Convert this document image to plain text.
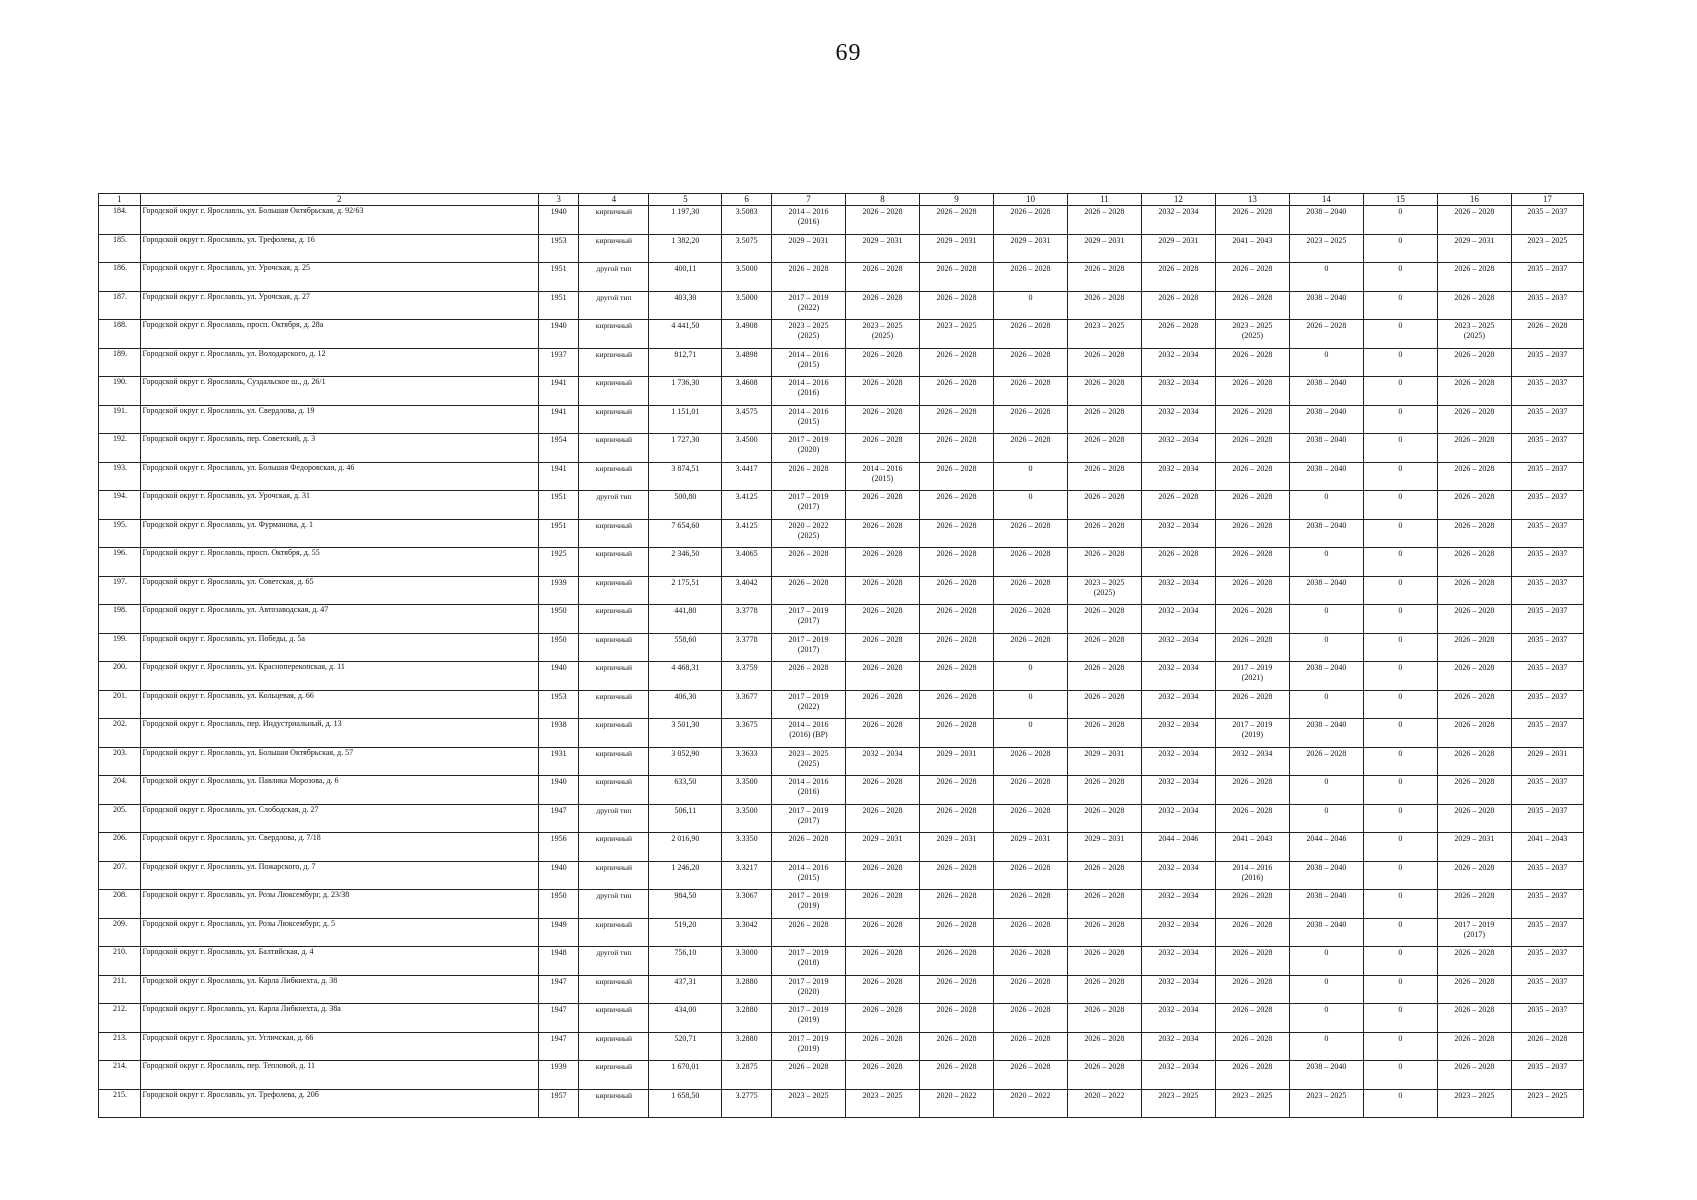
69
1	2	3	4	5	6	7	8	9	10	11	12	13	14	15	16	17
184.	Городской округ г. Ярославль, ул. Большая Октябрьская, д. 92/63	1940	кирпичный	1 197,30	3.5083	2014 – 2016
(2016)	2026 – 2028	2026 – 2028	2026 – 2028	2026 – 2028	2032 – 2034	2026 – 2028	2038 – 2040	0	2026 – 2028	2035 – 2037
185.	Городской округ г. Ярославль, ул. Трефолева, д. 16	1953	кирпичный	1 382,20	3.5075	2029 – 2031	2029 – 2031	2029 – 2031	2029 – 2031	2029 – 2031	2029 – 2031	2041 – 2043	2023 – 2025	0	2029 – 2031	2023 – 2025
186.	Городской округ г. Ярославль, ул. Урочская, д. 25	1951	другой тип	400,11	3.5000	2026 – 2028	2026 – 2028	2026 – 2028	2026 – 2028	2026 – 2028	2026 – 2028	2026 – 2028	0	0	2026 – 2028	2035 – 2037
187.	Городской округ г. Ярославль, ул. Урочская, д. 27	1951	другой тип	403,30	3.5000	2017 – 2019
(2022)	2026 – 2028	2026 – 2028	0	2026 – 2028	2026 – 2028	2026 – 2028	2038 – 2040	0	2026 – 2028	2035 – 2037
188.	Городской округ г. Ярославль, просп. Октября, д. 28а	1940	кирпичный	4 441,50	3.4908	2023 – 2025
(2025)	2023 – 2025
(2025)	2023 – 2025	2026 – 2028	2023 – 2025	2026 – 2028	2023 – 2025
(2025)	2026 – 2028	0	2023 – 2025
(2025)	2026 – 2028
189.	Городской округ г. Ярославль, ул. Володарского, д. 12	1937	кирпичный	812,71	3.4898	2014 – 2016
(2015)	2026 – 2028	2026 – 2028	2026 – 2028	2026 – 2028	2032 – 2034	2026 – 2028	0	0	2026 – 2028	2035 – 2037
190.	Городской округ г. Ярославль, Суздальское ш., д. 26/1	1941	кирпичный	1 736,30	3.4608	2014 – 2016
(2016)	2026 – 2028	2026 – 2028	2026 – 2028	2026 – 2028	2032 – 2034	2026 – 2028	2038 – 2040	0	2026 – 2028	2035 – 2037
191.	Городской округ г. Ярославль, ул. Свердлова, д. 19	1941	кирпичный	1 151,01	3.4575	2014 – 2016
(2015)	2026 – 2028	2026 – 2028	2026 – 2028	2026 – 2028	2032 – 2034	2026 – 2028	2038 – 2040	0	2026 – 2028	2035 – 2037
192.	Городской округ г. Ярославль, пер. Советский, д. 3	1954	кирпичный	1 727,30	3.4500	2017 – 2019
(2020)	2026 – 2028	2026 – 2028	2026 – 2028	2026 – 2028	2032 – 2034	2026 – 2028	2038 – 2040	0	2026 – 2028	2035 – 2037
193.	Городской округ г. Ярославль, ул. Большая Федоровская, д. 46	1941	кирпичный	3 874,51	3.4417	2026 – 2028	2014 – 2016
(2015)	2026 – 2028	0	2026 – 2028	2032 – 2034	2026 – 2028	2038 – 2040	0	2026 – 2028	2035 – 2037
194.	Городской округ г. Ярославль, ул. Урочская, д. 31	1951	другой тип	500,80	3.4125	2017 – 2019
(2017)	2026 – 2028	2026 – 2028	0	2026 – 2028	2026 – 2028	2026 – 2028	0	0	2026 – 2028	2035 – 2037
195.	Городской округ г. Ярославль, ул. Фурманова, д. 1	1951	кирпичный	7 654,60	3.4125	2020 – 2022
(2025)	2026 – 2028	2026 – 2028	2026 – 2028	2026 – 2028	2032 – 2034	2026 – 2028	2038 – 2040	0	2026 – 2028	2035 – 2037
196.	Городской округ г. Ярославль, просп. Октября, д. 55	1925	кирпичный	2 346,50	3.4065	2026 – 2028	2026 – 2028	2026 – 2028	2026 – 2028	2026 – 2028	2026 – 2028	2026 – 2028	0	0	2026 – 2028	2035 – 2037
197.	Городской округ г. Ярославль, ул. Советская, д. 65	1939	кирпичный	2 175,51	3.4042	2026 – 2028	2026 – 2028	2026 – 2028	2026 – 2028	2023 – 2025
(2025)	2032 – 2034	2026 – 2028	2038 – 2040	0	2026 – 2028	2035 – 2037
198.	Городской округ г. Ярославль, ул. Автозаводская, д. 47	1950	кирпичный	441,80	3.3778	2017 – 2019
(2017)	2026 – 2028	2026 – 2028	2026 – 2028	2026 – 2028	2032 – 2034	2026 – 2028	0	0	2026 – 2028	2035 – 2037
199.	Городской округ г. Ярославль, ул. Победы, д. 5а	1950	кирпичный	558,60	3.3778	2017 – 2019
(2017)	2026 – 2028	2026 – 2028	2026 – 2028	2026 – 2028	2032 – 2034	2026 – 2028	0	0	2026 – 2028	2035 – 2037
200.	Городской округ г. Ярославль, ул. Красноперекопская, д. 11	1940	кирпичный	4 468,31	3.3759	2026 – 2028	2026 – 2028	2026 – 2028	0	2026 – 2028	2032 – 2034	2017 – 2019
(2021)	2038 – 2040	0	2026 – 2028	2035 – 2037
201.	Городской округ г. Ярославль, ул. Кольцевая, д. 66	1953	кирпичный	406,30	3.3677	2017 – 2019
(2022)	2026 – 2028	2026 – 2028	0	2026 – 2028	2032 – 2034	2026 – 2028	0	0	2026 – 2028	2035 – 2037
202.	Городской округ г. Ярославль, пер. Индустриальный, д. 13	1938	кирпичный	3 501,30	3.3675	2014 – 2016
(2016) (ВР)	2026 – 2028	2026 – 2028	0	2026 – 2028	2032 – 2034	2017 – 2019
(2019)	2038 – 2040	0	2026 – 2028	2035 – 2037
203.	Городской округ г. Ярославль, ул. Большая Октябрьская, д. 57	1931	кирпичный	3 052,90	3.3633	2023 – 2025
(2025)	2032 – 2034	2029 – 2031	2026 – 2028	2029 – 2031	2032 – 2034	2032 – 2034	2026 – 2028	0	2026 – 2028	2029 – 2031
204.	Городской округ г. Ярославль, ул. Павлика Морозова, д. 6	1940	кирпичный	633,50	3.3500	2014 – 2016
(2016)	2026 – 2028	2026 – 2028	2026 – 2028	2026 – 2028	2032 – 2034	2026 – 2028	0	0	2026 – 2028	2035 – 2037
205.	Городской округ г. Ярославль, ул. Слободская, д. 27	1947	другой тип	506,11	3.3500	2017 – 2019
(2017)	2026 – 2028	2026 – 2028	2026 – 2028	2026 – 2028	2032 – 2034	2026 – 2028	0	0	2026 – 2028	2035 – 2037
206.	Городской округ г. Ярославль, ул. Свердлова, д. 7/18	1956	кирпичный	2 016,90	3.3350	2026 – 2028	2029 – 2031	2029 – 2031	2029 – 2031	2029 – 2031	2044 – 2046	2041 – 2043	2044 – 2046	0	2029 – 2031	2041 – 2043
207.	Городской округ г. Ярославль, ул. Пожарского, д. 7	1940	кирпичный	1 246,20	3.3217	2014 – 2016
(2015)	2026 – 2028	2026 – 2028	2026 – 2028	2026 – 2028	2032 – 2034	2014 – 2016
(2016)	2038 – 2040	0	2026 – 2028	2035 – 2037
208.	Городской округ г. Ярославль, ул. Розы Люксембург, д. 23/38	1950	другой тип	984,50	3.3067	2017 – 2019
(2019)	2026 – 2028	2026 – 2028	2026 – 2028	2026 – 2028	2032 – 2034	2026 – 2028	2038 – 2040	0	2026 – 2028	2035 – 2037
209.	Городской округ г. Ярославль, ул. Розы Люксембург, д. 5	1949	кирпичный	519,20	3.3042	2026 – 2028	2026 – 2028	2026 – 2028	2026 – 2028	2026 – 2028	2032 – 2034	2026 – 2028	2038 – 2040	0	2017 – 2019
(2017)	2035 – 2037
210.	Городской округ г. Ярославль, ул. Балтийская, д. 4	1948	другой тип	756,10	3.3000	2017 – 2019
(2018)	2026 – 2028	2026 – 2028	2026 – 2028	2026 – 2028	2032 – 2034	2026 – 2028	0	0	2026 – 2028	2035 – 2037
211.	Городской округ г. Ярославль, ул. Карла Либкнехта, д. 38	1947	кирпичный	437,31	3.2880	2017 – 2019
(2020)	2026 – 2028	2026 – 2028	2026 – 2028	2026 – 2028	2032 – 2034	2026 – 2028	0	0	2026 – 2028	2035 – 2037
212.	Городской округ г. Ярославль, ул. Карла Либкнехта, д. 38а	1947	кирпичный	434,00	3.2880	2017 – 2019
(2019)	2026 – 2028	2026 – 2028	2026 – 2028	2026 – 2028	2032 – 2034	2026 – 2028	0	0	2026 – 2028	2035 – 2037
213.	Городской округ г. Ярославль, ул. Угличская, д. 66	1947	кирпичный	520,71	3.2880	2017 – 2019
(2019)	2026 – 2028	2026 – 2028	2026 – 2028	2026 – 2028	2032 – 2034	2026 – 2028	0	0	2026 – 2028	2026 – 2028
214.	Городской округ г. Ярославль, пер. Тепловой, д. 11	1939	кирпичный	1 670,01	3.2875	2026 – 2028	2026 – 2028	2026 – 2028	2026 – 2028	2026 – 2028	2032 – 2034	2026 – 2028	2038 – 2040	0	2026 – 2028	2035 – 2037
215.	Городской округ г. Ярославль, ул. Трефолева, д. 20б	1957	кирпичный	1 658,50	3.2775	2023 – 2025	2023 – 2025	2020 – 2022	2020 – 2022	2020 – 2022	2023 – 2025	2023 – 2025	2023 – 2025	0	2023 – 2025	2023 – 2025
